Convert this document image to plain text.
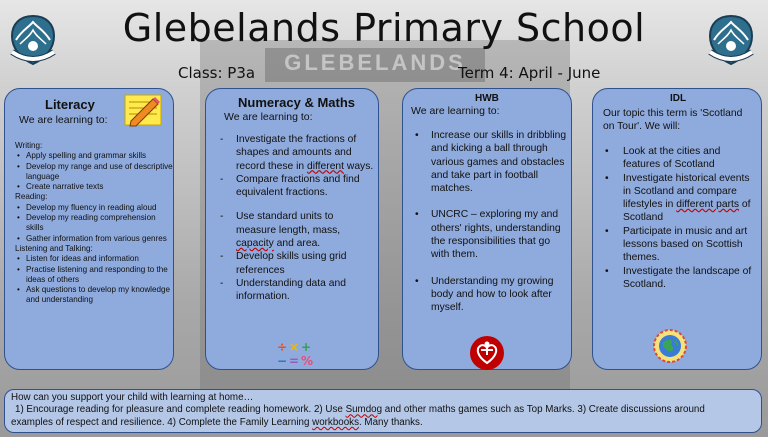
GLEBELANDS
Glebelands Primary School
Class: P3a	Term 4: April - June
Literacy
We are learning to:
Writing:
• Apply spelling and grammar skills
• Develop my range and use of descriptive language
• Create narrative texts
Reading:
• Develop my fluency in reading aloud
• Develop my reading comprehension skills
• Gather information from various genres
Listening and Talking:
• Listen for ideas and information
• Practise listening and responding to the ideas of others
• Ask questions to develop my knowledge and understanding
Numeracy & Maths
We are learning to:
- Investigate the fractions of shapes and amounts and record these in different ways.
- Compare fractions and find equivalent fractions.
- Use standard units to measure length, mass, capacity and area.
- Develop skills using grid references
- Understanding data and information.
÷ × +
− = %
HWB
We are learning to:
• Increase our skills in dribbling and kicking a ball through various games and obstacles and take part in football matches.
• UNCRC – exploring my and others' rights, understanding the responsibilities that go with them.
• Understanding my growing body and how to look after myself.
IDL
Our topic this term is 'Scotland on Tour'. We will:
• Look at the cities and features of Scotland
• Investigate historical events in Scotland and compare lifestyles in different parts of Scotland
• Participate in music and art lessons based on Scottish themes.
• Investigate the landscape of Scotland.
How can you support your child with learning at home…
1) Encourage reading for pleasure and complete reading homework. 2) Use Sumdog and other maths games such as Top Marks. 3) Create discussions around
examples of respect and resilience. 4) Complete the Family Learning workbooks. Many thanks.
